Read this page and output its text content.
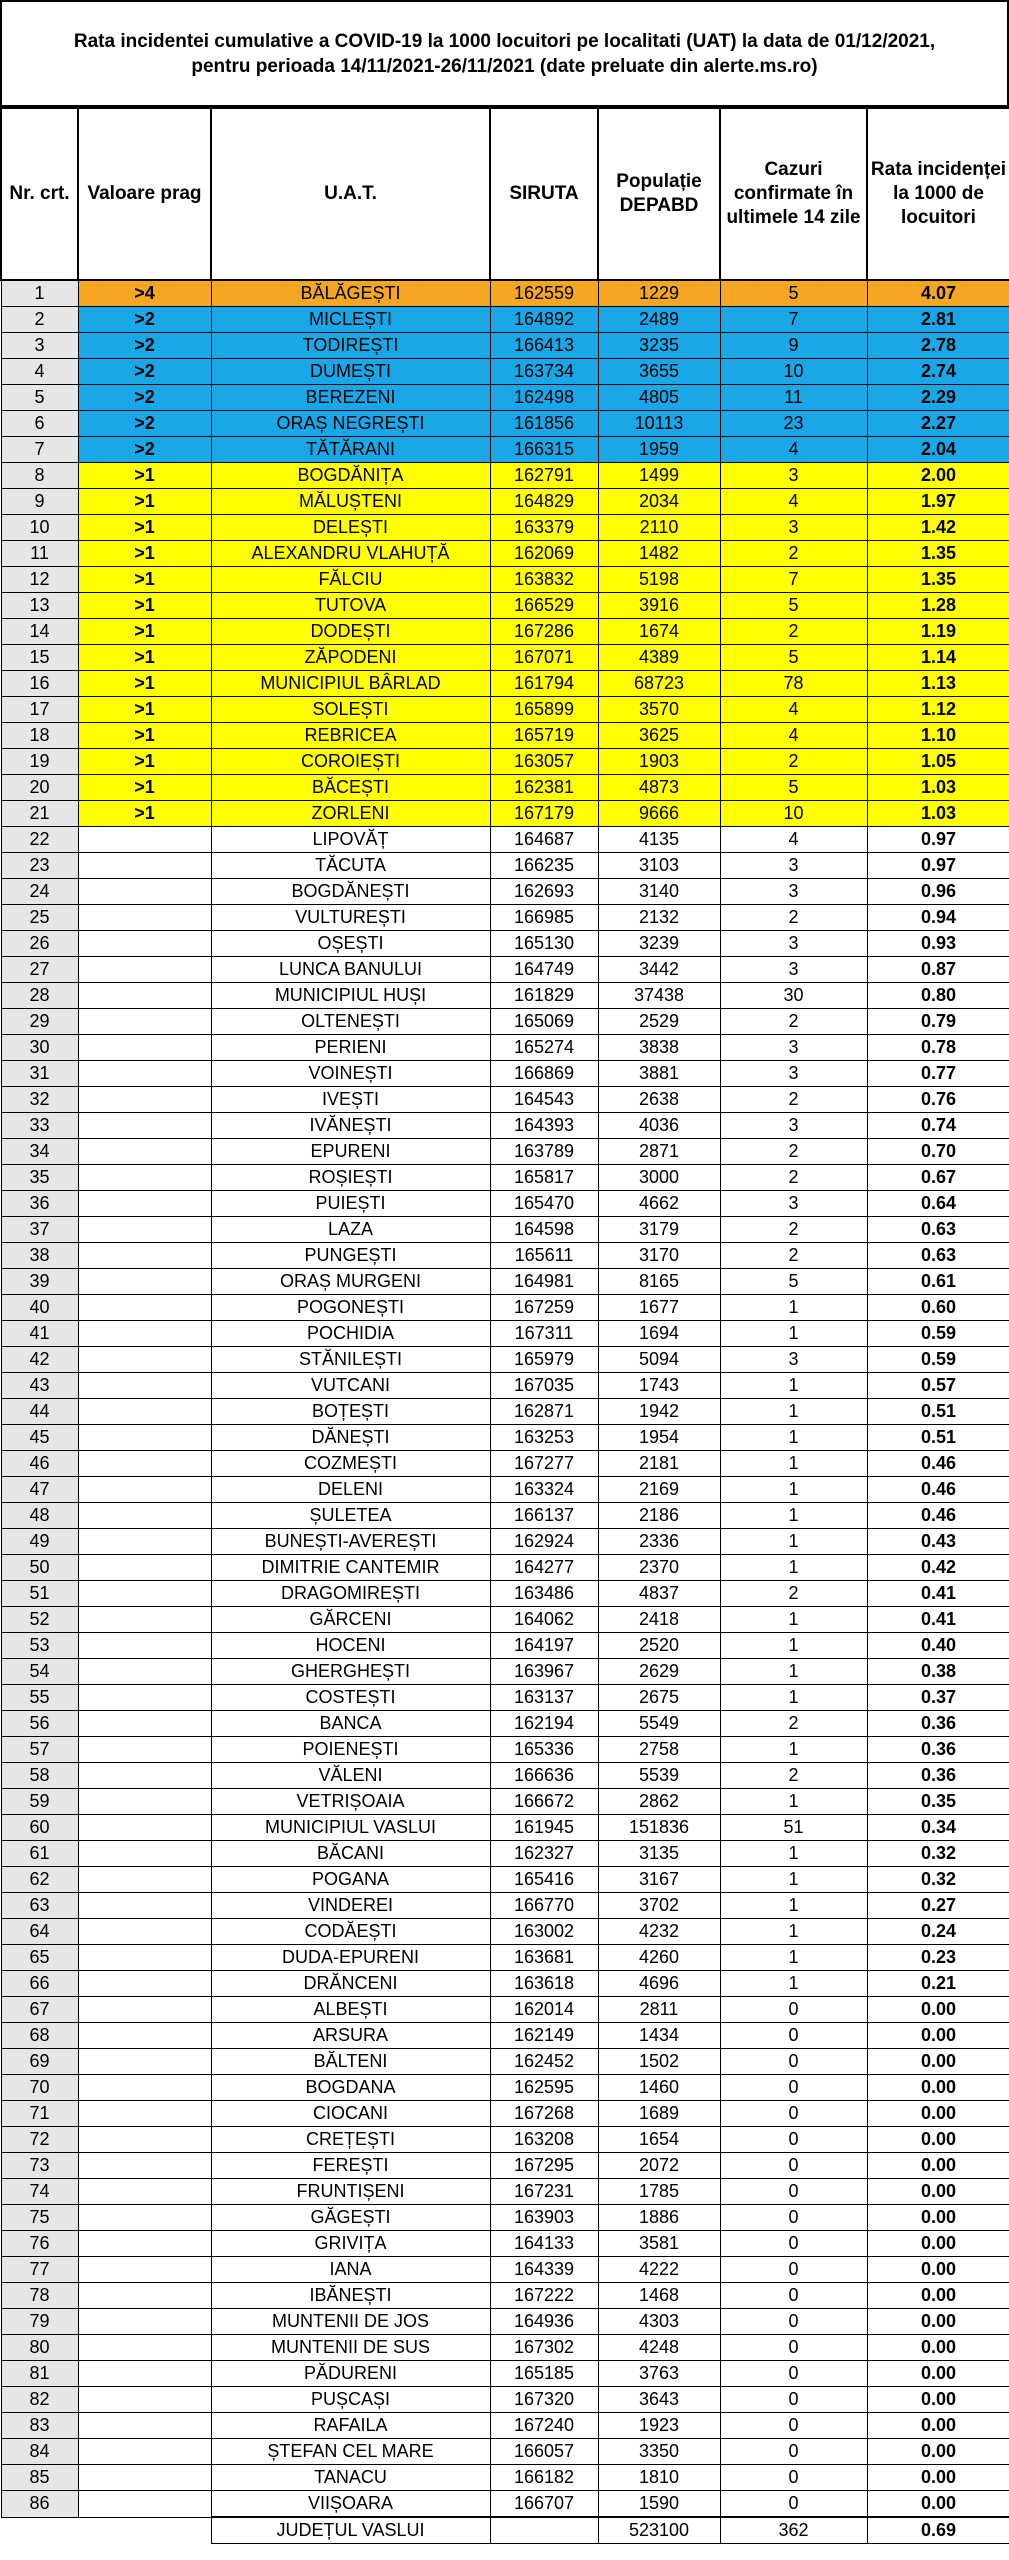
Rata incidentei cumulative a COVID-19 la 1000 locuitori pe localitati (UAT) la data de 01/12/2021,
pentru perioada 14/11/2021-26/11/2021 (date preluate din alerte.ms.ro)
Nr. crt.	Valoare prag	U.A.T.	SIRUTA	Populație DEPABD	Cazuri confirmate în ultimele 14 zile	Rata incidenței la 1000 de locuitori
1	>4	BĂLĂGEȘTI	162559	1229	5	4.07
2	>2	MICLEȘTI	164892	2489	7	2.81
3	>2	TODIREȘTI	166413	3235	9	2.78
4	>2	DUMEȘTI	163734	3655	10	2.74
5	>2	BEREZENI	162498	4805	11	2.29
6	>2	ORAȘ NEGREȘTI	161856	10113	23	2.27
7	>2	TĂTĂRANI	166315	1959	4	2.04
8	>1	BOGDĂNIȚA	162791	1499	3	2.00
9	>1	MĂLUȘTENI	164829	2034	4	1.97
10	>1	DELEȘTI	163379	2110	3	1.42
11	>1	ALEXANDRU VLAHUȚĂ	162069	1482	2	1.35
12	>1	FĂLCIU	163832	5198	7	1.35
13	>1	TUTOVA	166529	3916	5	1.28
14	>1	DODEȘTI	167286	1674	2	1.19
15	>1	ZĂPODENI	167071	4389	5	1.14
16	>1	MUNICIPIUL BÂRLAD	161794	68723	78	1.13
17	>1	SOLEȘTI	165899	3570	4	1.12
18	>1	REBRICEA	165719	3625	4	1.10
19	>1	COROIEȘTI	163057	1903	2	1.05
20	>1	BĂCEȘTI	162381	4873	5	1.03
21	>1	ZORLENI	167179	9666	10	1.03
22		LIPOVĂȚ	164687	4135	4	0.97
23		TĂCUTA	166235	3103	3	0.97
24		BOGDĂNEȘTI	162693	3140	3	0.96
25		VULTUREȘTI	166985	2132	2	0.94
26		OȘEȘTI	165130	3239	3	0.93
27		LUNCA BANULUI	164749	3442	3	0.87
28		MUNICIPIUL HUȘI	161829	37438	30	0.80
29		OLTENEȘTI	165069	2529	2	0.79
30		PERIENI	165274	3838	3	0.78
31		VOINEȘTI	166869	3881	3	0.77
32		IVEȘTI	164543	2638	2	0.76
33		IVĂNEȘTI	164393	4036	3	0.74
34		EPURENI	163789	2871	2	0.70
35		ROȘIEȘTI	165817	3000	2	0.67
36		PUIEȘTI	165470	4662	3	0.64
37		LAZA	164598	3179	2	0.63
38		PUNGEȘTI	165611	3170	2	0.63
39		ORAȘ MURGENI	164981	8165	5	0.61
40		POGONEȘTI	167259	1677	1	0.60
41		POCHIDIA	167311	1694	1	0.59
42		STĂNILEȘTI	165979	5094	3	0.59
43		VUTCANI	167035	1743	1	0.57
44		BOȚEȘTI	162871	1942	1	0.51
45		DĂNEȘTI	163253	1954	1	0.51
46		COZMEȘTI	167277	2181	1	0.46
47		DELENI	163324	2169	1	0.46
48		ȘULETEA	166137	2186	1	0.46
49		BUNEȘTI-AVEREȘTI	162924	2336	1	0.43
50		DIMITRIE CANTEMIR	164277	2370	1	0.42
51		DRAGOMIREȘTI	163486	4837	2	0.41
52		GĂRCENI	164062	2418	1	0.41
53		HOCENI	164197	2520	1	0.40
54		GHERGHEȘTI	163967	2629	1	0.38
55		COSTEȘTI	163137	2675	1	0.37
56		BANCA	162194	5549	2	0.36
57		POIENEȘTI	165336	2758	1	0.36
58		VĂLENI	166636	5539	2	0.36
59		VETRIȘOAIA	166672	2862	1	0.35
60		MUNICIPIUL VASLUI	161945	151836	51	0.34
61		BĂCANI	162327	3135	1	0.32
62		POGANA	165416	3167	1	0.32
63		VINDEREI	166770	3702	1	0.27
64		CODĂEȘTI	163002	4232	1	0.24
65		DUDA-EPURENI	163681	4260	1	0.23
66		DRĂNCENI	163618	4696	1	0.21
67		ALBEȘTI	162014	2811	0	0.00
68		ARSURA	162149	1434	0	0.00
69		BĂLTENI	162452	1502	0	0.00
70		BOGDANA	162595	1460	0	0.00
71		CIOCANI	167268	1689	0	0.00
72		CREȚEȘTI	163208	1654	0	0.00
73		FEREȘTI	167295	2072	0	0.00
74		FRUNTIȘENI	167231	1785	0	0.00
75		GĂGEȘTI	163903	1886	0	0.00
76		GRIVIȚA	164133	3581	0	0.00
77		IANA	164339	4222	0	0.00
78		IBĂNEȘTI	167222	1468	0	0.00
79		MUNTENII DE JOS	164936	4303	0	0.00
80		MUNTENII DE SUS	167302	4248	0	0.00
81		PĂDURENI	165185	3763	0	0.00
82		PUȘCAȘI	167320	3643	0	0.00
83		RAFAILA	167240	1923	0	0.00
84		ȘTEFAN CEL MARE	166057	3350	0	0.00
85		TANACU	166182	1810	0	0.00
86		VIIȘOARA	166707	1590	0	0.00
		JUDEȚUL VASLUI		523100	362	0.69
